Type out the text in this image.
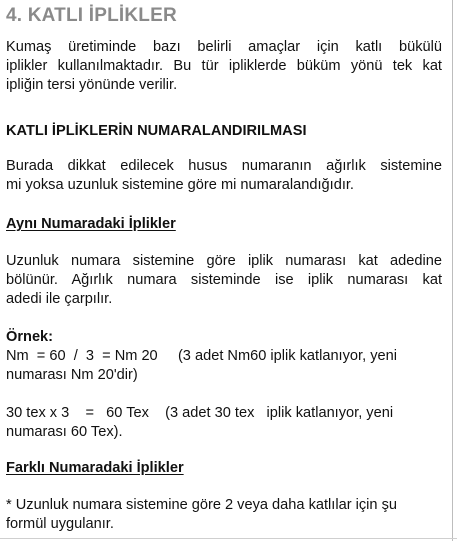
4. KATLI İPLİKLER
Kumaş üretiminde bazı belirli amaçlar için katlı bükülü
iplikler kullanılmaktadır. Bu tür ipliklerde büküm yönü tek kat
ipliğin tersi yönünde verilir.
KATLI İPLİKLERİN NUMARALANDIRILMASI
Burada dikkat edilecek husus numaranın ağırlık sistemine
mi yoksa uzunluk sistemine göre mi numaralandığıdır.
Aynı Numaradaki İplikler
Uzunluk numara sistemine göre iplik numarası kat adedine
bölünür. Ağırlık numara sisteminde ise iplik numarası kat
adedi ile çarpılır.
Örnek:
Nm  = 60  /  3  = Nm 20     (3 adet Nm60 iplik katlanıyor, yeni
numarası Nm 20'dir)
30 tex x 3    =   60 Tex    (3 adet 30 tex   iplik katlanıyor, yeni
numarası 60 Tex).
Farklı Numaradaki İplikler
* Uzunluk numara sistemine göre 2 veya daha katlılar için şu
formül uygulanır.
